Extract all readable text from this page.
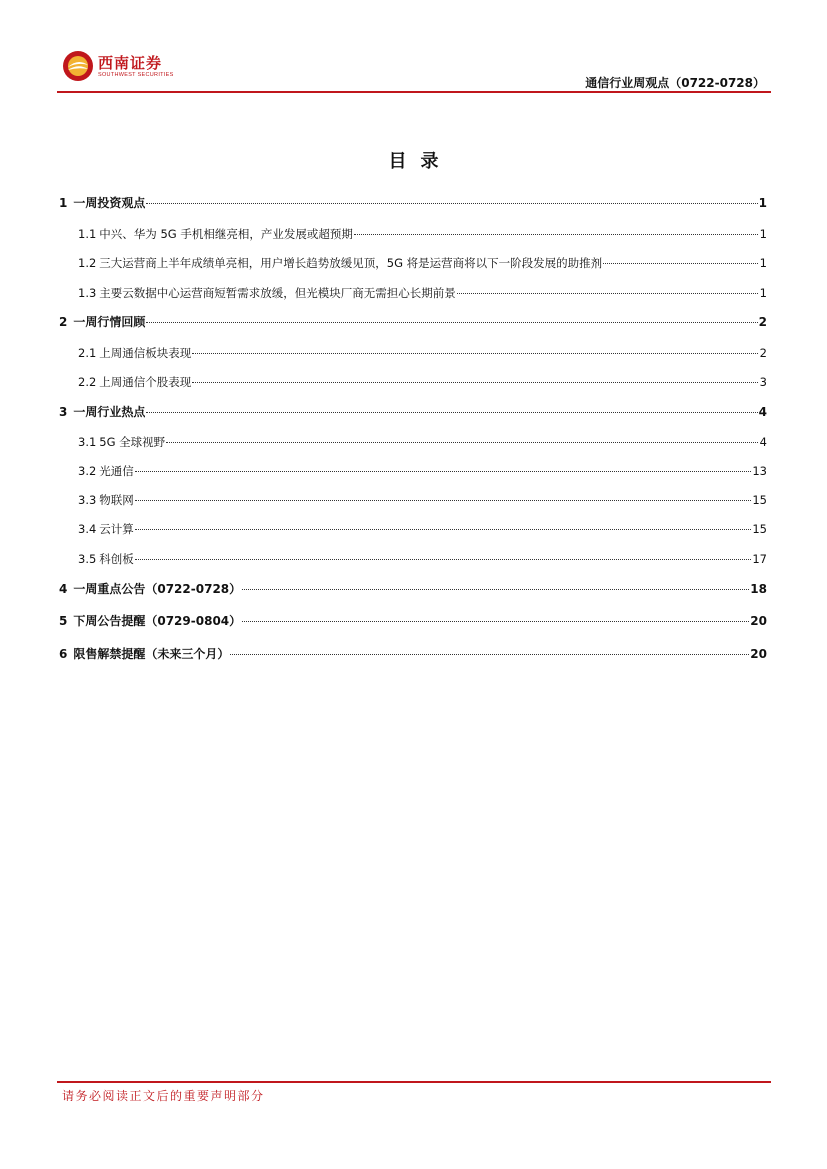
西南证券
SOUTHWEST SECURITIES
通信行业周观点（0722-0728）
目录
1 一周投资观点	1
1.1 中兴、华为 5G 手机相继亮相，产业发展或超预期	1
1.2 三大运营商上半年成绩单亮相，用户增长趋势放缓见顶，5G 将是运营商将以下一阶段发展的助推剂	1
1.3 主要云数据中心运营商短暂需求放缓，但光模块厂商无需担心长期前景	1
2 一周行情回顾	2
2.1 上周通信板块表现	2
2.2 上周通信个股表现	3
3 一周行业热点	4
3.1 5G 全球视野	4
3.2 光通信	13
3.3 物联网	15
3.4 云计算	15
3.5 科创板	17
4 一周重点公告（0722-0728）	18
5 下周公告提醒（0729-0804）	20
6 限售解禁提醒（未来三个月）	20
请务必阅读正文后的重要声明部分
